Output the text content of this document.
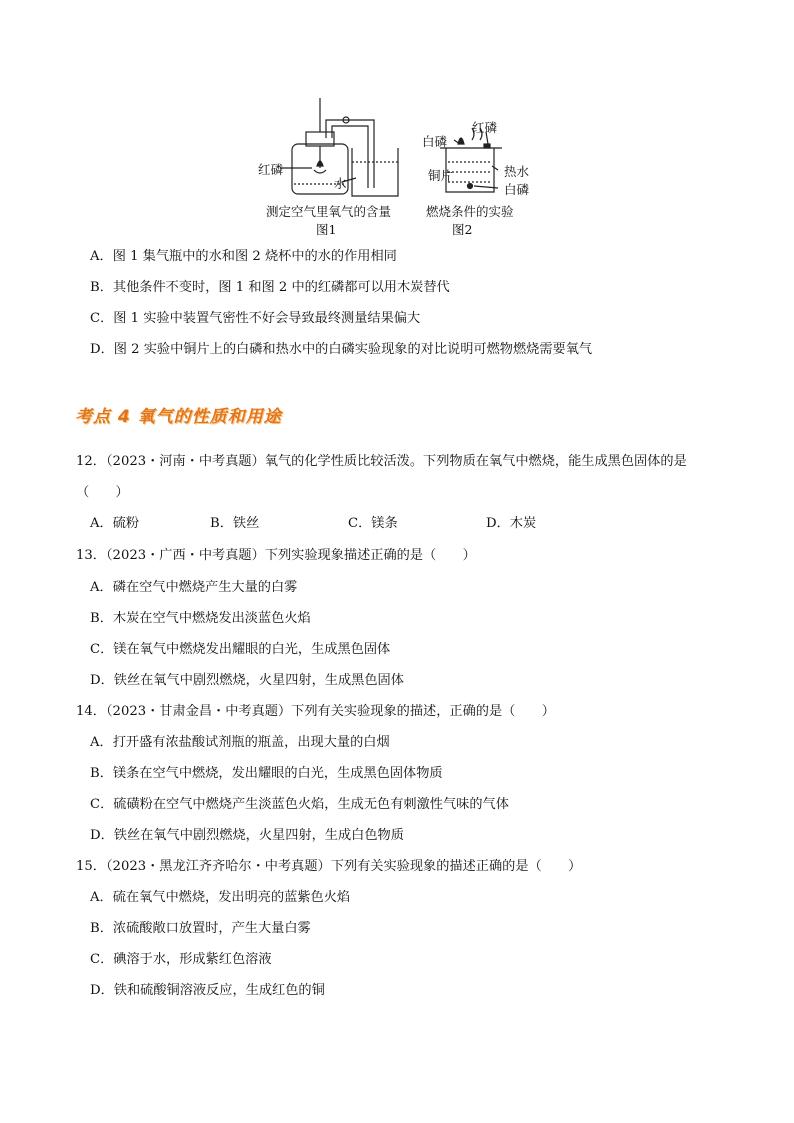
红磷
水
测定空气里氧气的含量
图1
白磷
红磷
铜片	热水
白磷
燃烧条件的实验
图2
A．图 1 集气瓶中的水和图 2 烧杯中的水的作用相同
B．其他条件不变时，图 1 和图 2 中的红磷都可以用木炭替代
C．图 1 实验中装置气密性不好会导致最终测量结果偏大
D．图 2 实验中铜片上的白磷和热水中的白磷实验现象的对比说明可燃物燃烧需要氧气
考点 4 氧气的性质和用途
12．（2023・河南・中考真题）氧气的化学性质比较活泼。下列物质在氧气中燃烧，能生成黑色固体的是
（　　）
A．硫粉	B．铁丝	C．镁条	D．木炭
13．（2023・广西・中考真题）下列实验现象描述正确的是（　　）
A．磷在空气中燃烧产生大量的白雾
B．木炭在空气中燃烧发出淡蓝色火焰
C．镁在氧气中燃烧发出耀眼的白光，生成黑色固体
D．铁丝在氧气中剧烈燃烧，火星四射，生成黑色固体
14．（2023・甘肃金昌・中考真题）下列有关实验现象的描述，正确的是（　　）
A．打开盛有浓盐酸试剂瓶的瓶盖，出现大量的白烟
B．镁条在空气中燃烧，发出耀眼的白光，生成黑色固体物质
C．硫磺粉在空气中燃烧产生淡蓝色火焰，生成无色有刺激性气味的气体
D．铁丝在氧气中剧烈燃烧，火星四射，生成白色物质
15．（2023・黑龙江齐齐哈尔・中考真题）下列有关实验现象的描述正确的是（　　）
A．硫在氧气中燃烧，发出明亮的蓝紫色火焰
B．浓硫酸敞口放置时，产生大量白雾
C．碘溶于水，形成紫红色溶液
D．铁和硫酸铜溶液反应，生成红色的铜
